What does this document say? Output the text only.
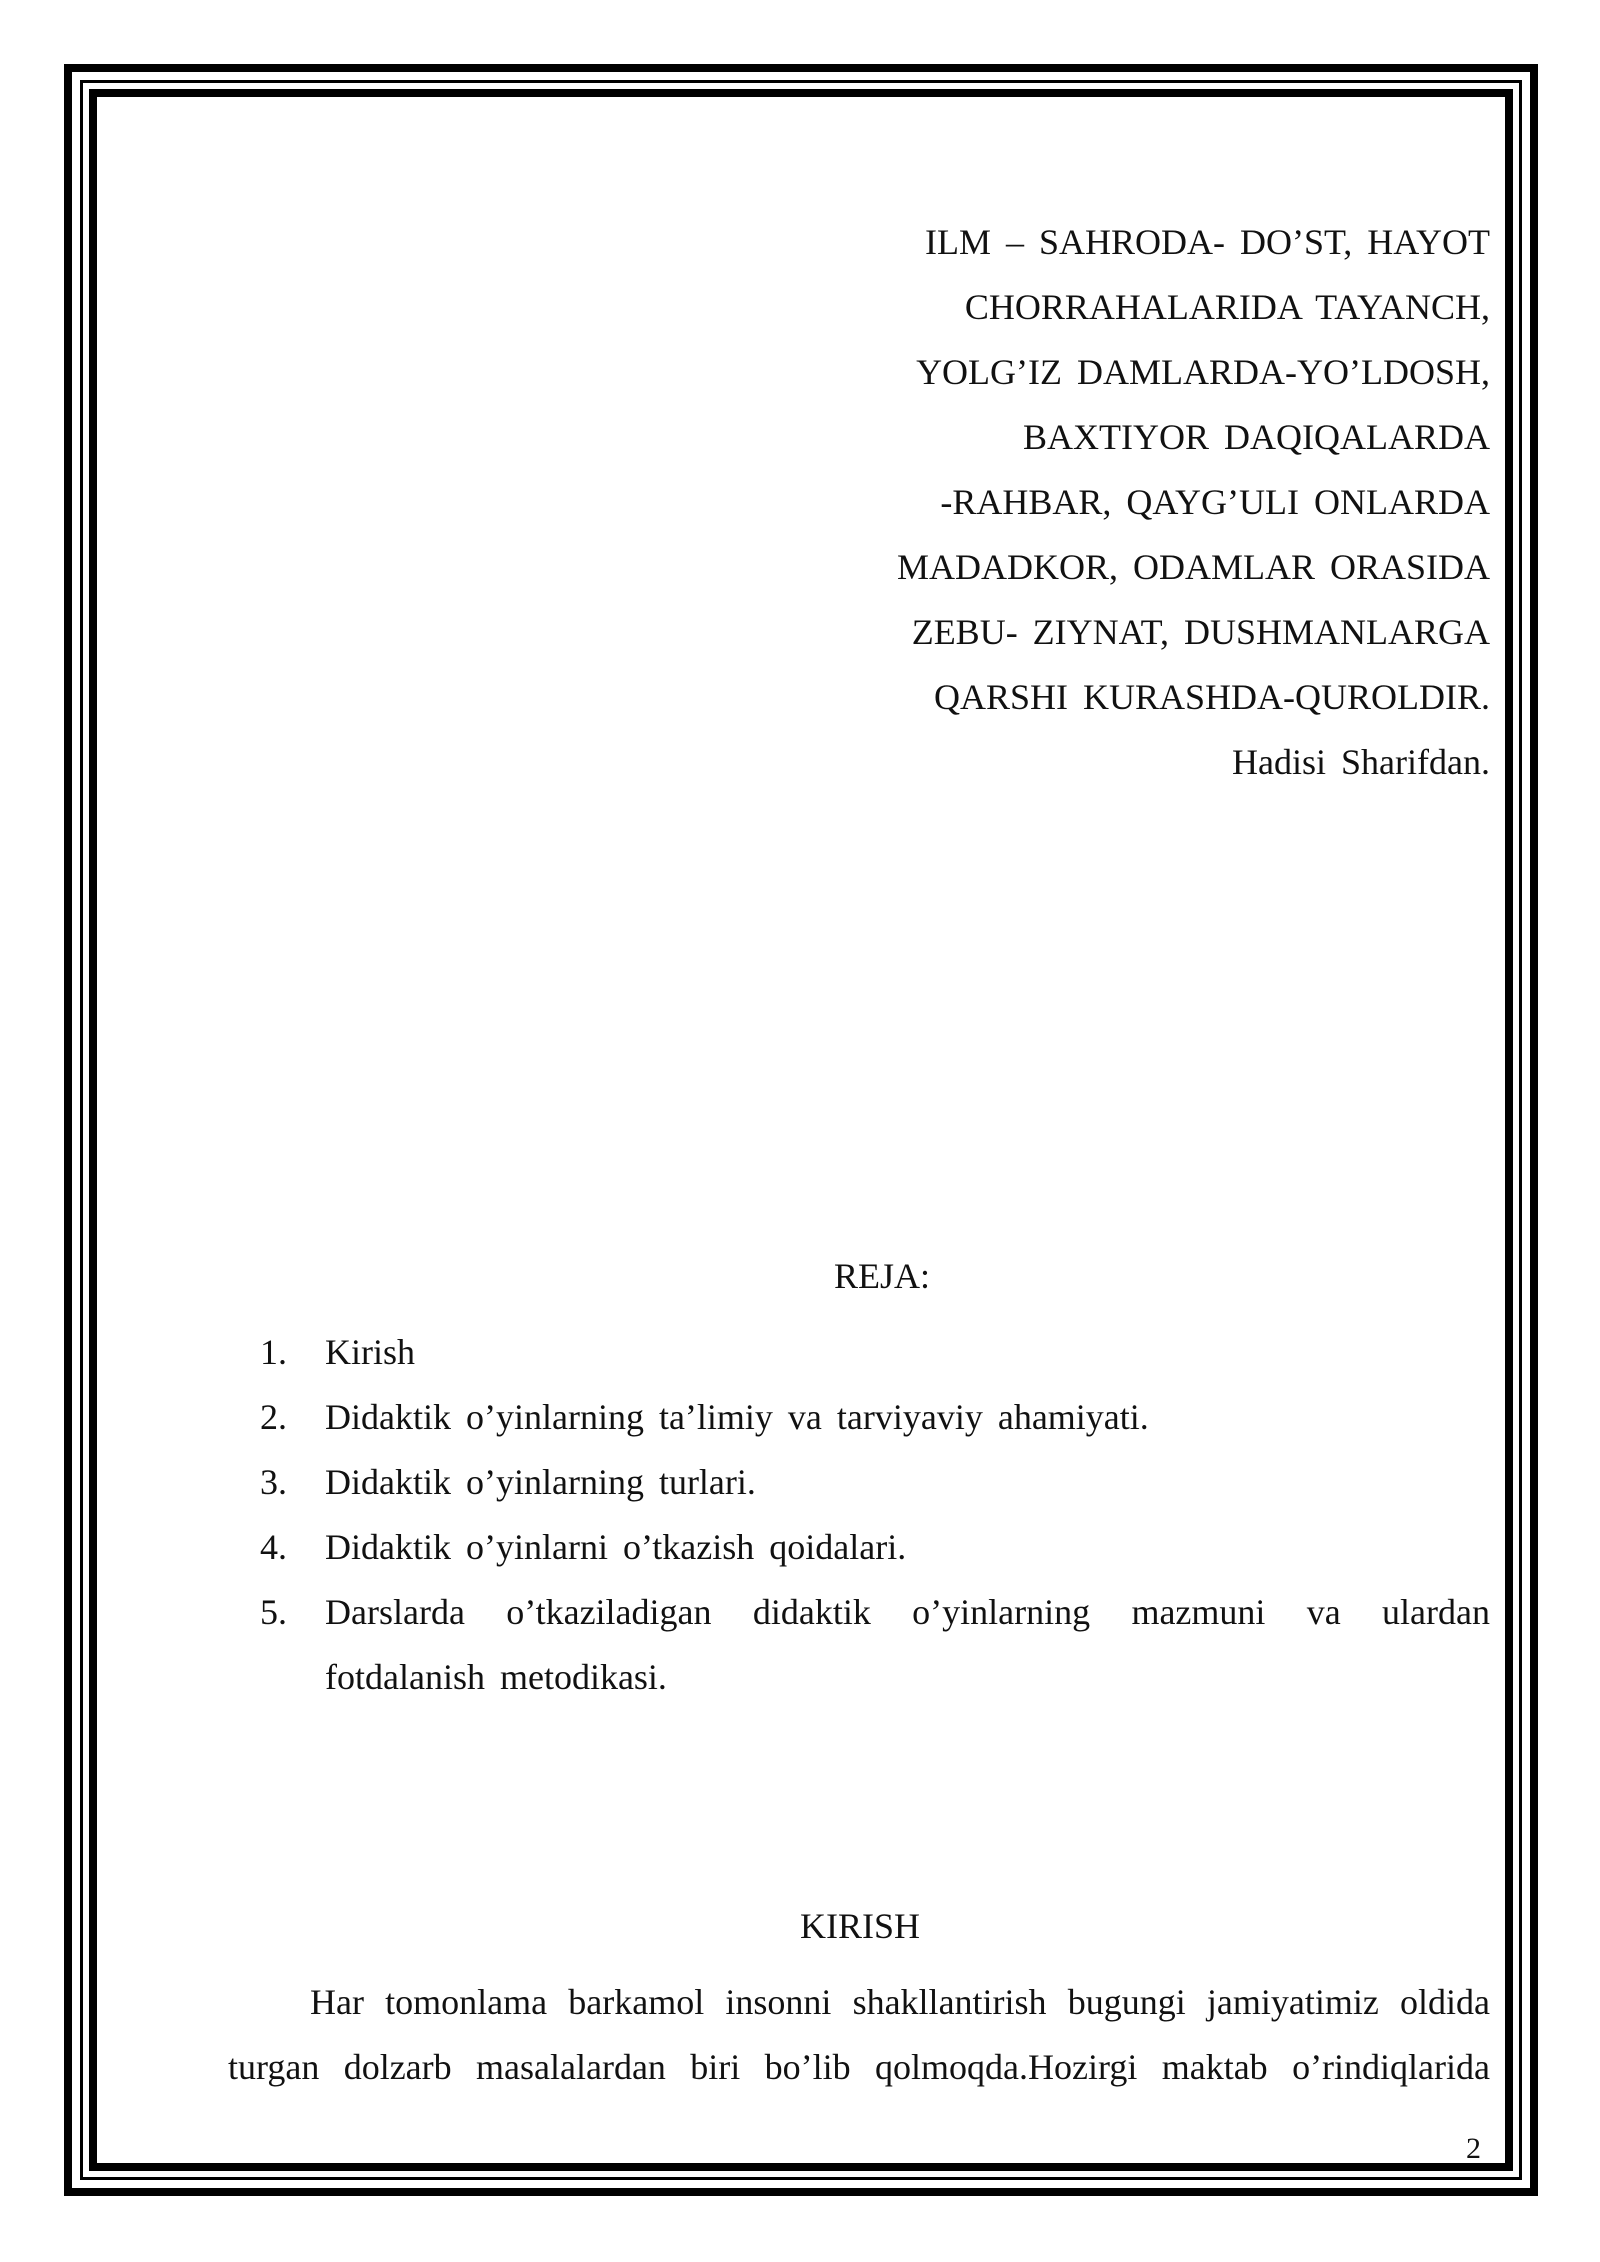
ILM – SAHRODA- DO’ST, HAYOT
CHORRAHALARIDA TAYANCH,
YOLG’IZ DAMLARDA-YO’LDOSH,
BAXTIYOR DAQIQALARDA
-RAHBAR, QAYG’ULI ONLARDA
MADADKOR, ODAMLAR ORASIDA
ZEBU- ZIYNAT, DUSHMANLARGA
QARSHI KURASHDA-QUROLDIR.
Hadisi Sharifdan.
REJA:
1.	Kirish
2.	Didaktik o’yinlarning ta’limiy va tarviyaviy ahamiyati.
3.	Didaktik o’yinlarning turlari.
4.	Didaktik o’yinlarni o’tkazish qoidalari.
5.	Darslarda o’tkaziladigan didaktik o’yinlarning mazmuni va ulardan
fotdalanish metodikasi.
KIRISH
Har tomonlama barkamol insonni shakllantirish bugungi jamiyatimiz oldida
turgan dolzarb masalalardan biri bo’lib qolmoqda.Hozirgi maktab o’rindiqlarida
2
